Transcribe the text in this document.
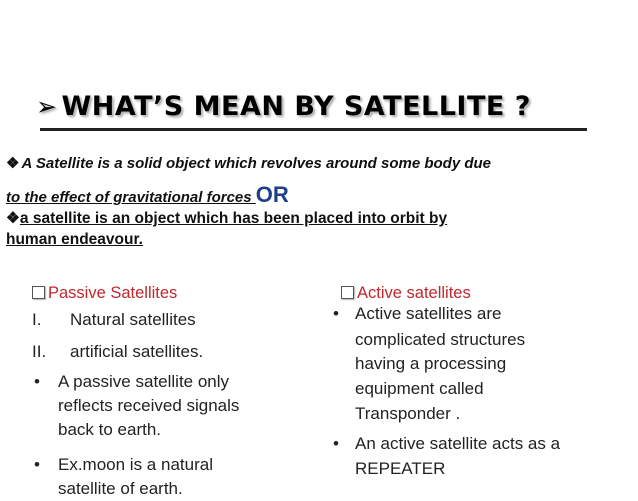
➢ WHAT’S MEAN BY SATELLITE ?
❖ A Satellite is a solid object which revolves around some body due
to the effect of gravitational forces OR
❖a satellite is an object which has been placed into orbit by
human endeavour.
Passive Satellites
I. Natural satellites
II. artificial satellites.
• A passive satellite only
reflects received signals
back to earth.
• Ex.moon is a natural
satellite of earth.
Active satellites
• Active satellites are
complicated structures
having a processing
equipment called
Transponder .
• An active satellite acts as a
REPEATER
